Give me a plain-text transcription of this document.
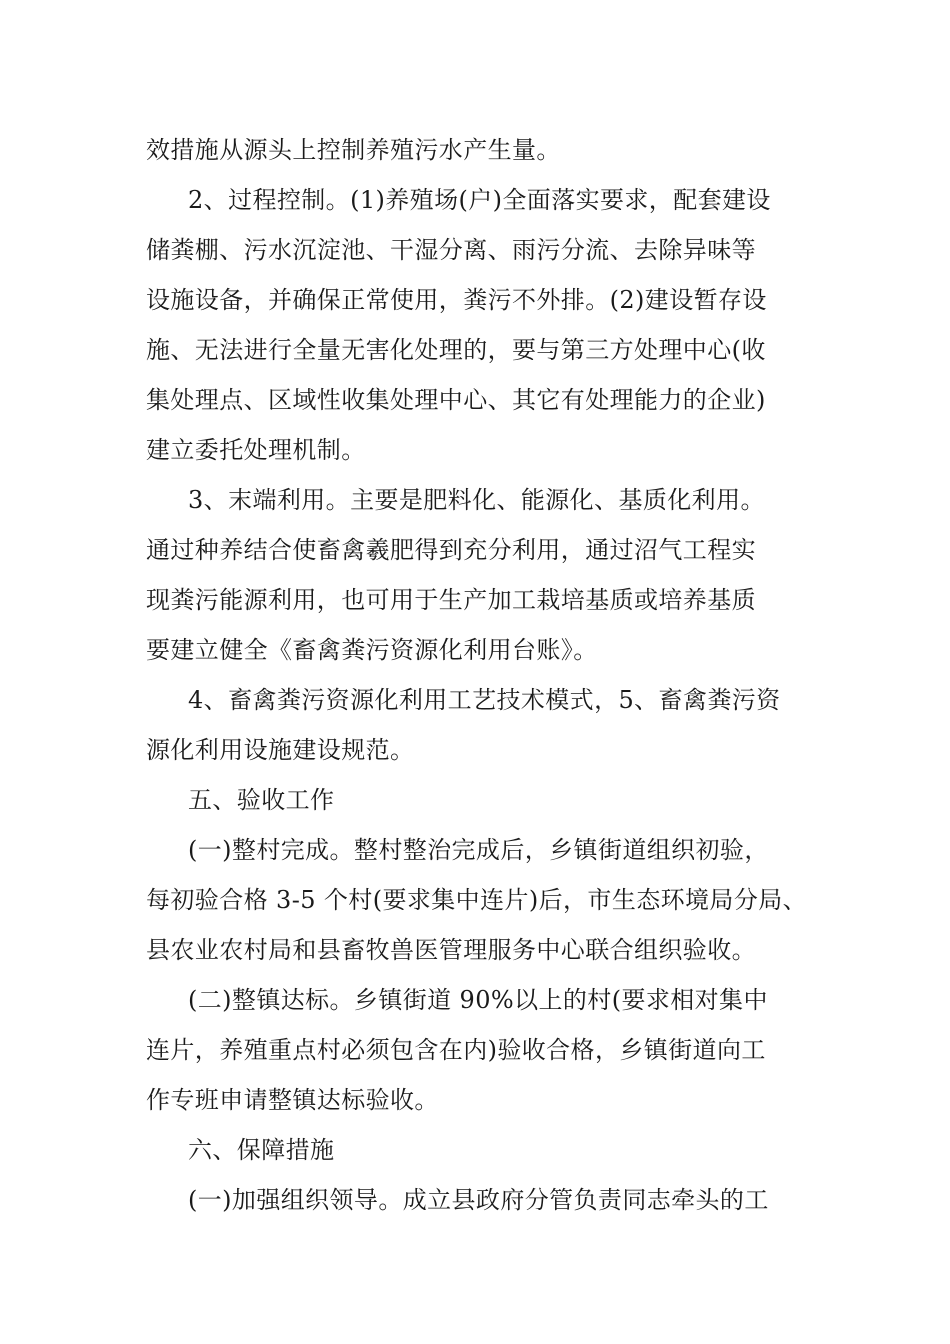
效措施从源头上控制养殖污水产生量。

2、过程控制。(1)养殖场(户)全面落实要求，配套建设

储粪棚、污水沉淀池、干湿分离、雨污分流、去除异味等

设施设备，并确保正常使用，粪污不外排。(2)建设暂存设

施、无法进行全量无害化处理的，要与第三方处理中心(收

集处理点、区域性收集处理中心、其它有处理能力的企业)

建立委托处理机制。

3、末端利用。主要是肥料化、能源化、基质化利用。

通过种养结合使畜禽羲肥得到充分利用，通过沼气工程实

现粪污能源利用，也可用于生产加工栽培基质或培养基质

要建立健全《畜禽粪污资源化利用台账》。

4、畜禽粪污资源化利用工艺技术模式，5、畜禽粪污资

源化利用设施建设规范。

五、验收工作

(一)整村完成。整村整治完成后，乡镇街道组织初验，

每初验合格 3-5 个村(要求集中连片)后，市生态环境局分局、

县农业农村局和县畜牧兽医管理服务中心联合组织验收。

(二)整镇达标。乡镇街道 90%以上的村(要求相对集中

连片，养殖重点村必须包含在内)验收合格，乡镇街道向工

作专班申请整镇达标验收。

六、保障措施

(一)加强组织领导。成立县政府分管负责同志牵头的工
